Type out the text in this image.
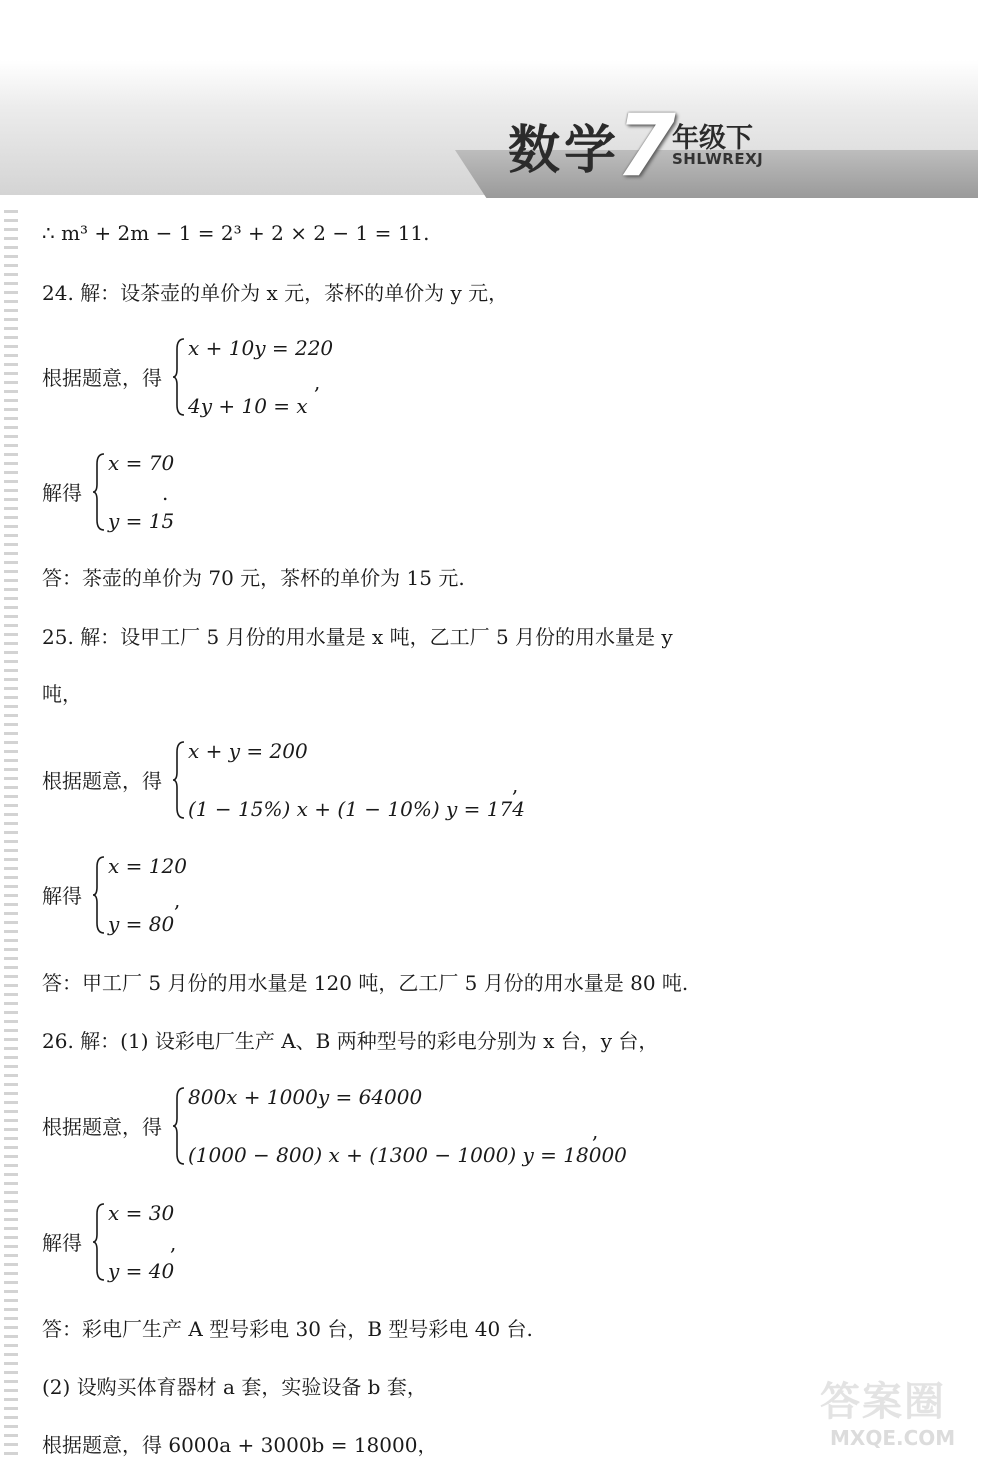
数学
7
年级下
SHLWREXJ
∴ m³ + 2m − 1 = 2³ + 2 × 2 − 1 = 11.
24. 解：设茶壶的单价为 x 元，茶杯的单价为 y 元，
根据题意，得
x + 10y = 220
4y + 10 = x
,
解得
x = 70
y = 15
.
答：茶壶的单价为 70 元，茶杯的单价为 15 元.
25. 解：设甲工厂 5 月份的用水量是 x 吨，乙工厂 5 月份的用水量是 y
吨，
根据题意，得
x + y = 200
(1 − 15%) x + (1 − 10%) y = 174
,
解得
x = 120
y = 80
,
答：甲工厂 5 月份的用水量是 120 吨，乙工厂 5 月份的用水量是 80 吨.
26. 解：(1) 设彩电厂生产 A、B 两种型号的彩电分别为 x 台，y 台，
根据题意，得
800x + 1000y = 64000
(1000 − 800) x + (1300 − 1000) y = 18000
,
解得
x = 30
y = 40
,
答：彩电厂生产 A 型号彩电 30 台，B 型号彩电 40 台.
(2) 设购买体育器材 a 套，实验设备 b 套，
根据题意，得 6000a + 3000b = 18000，
答案圈
MXQE.COM
